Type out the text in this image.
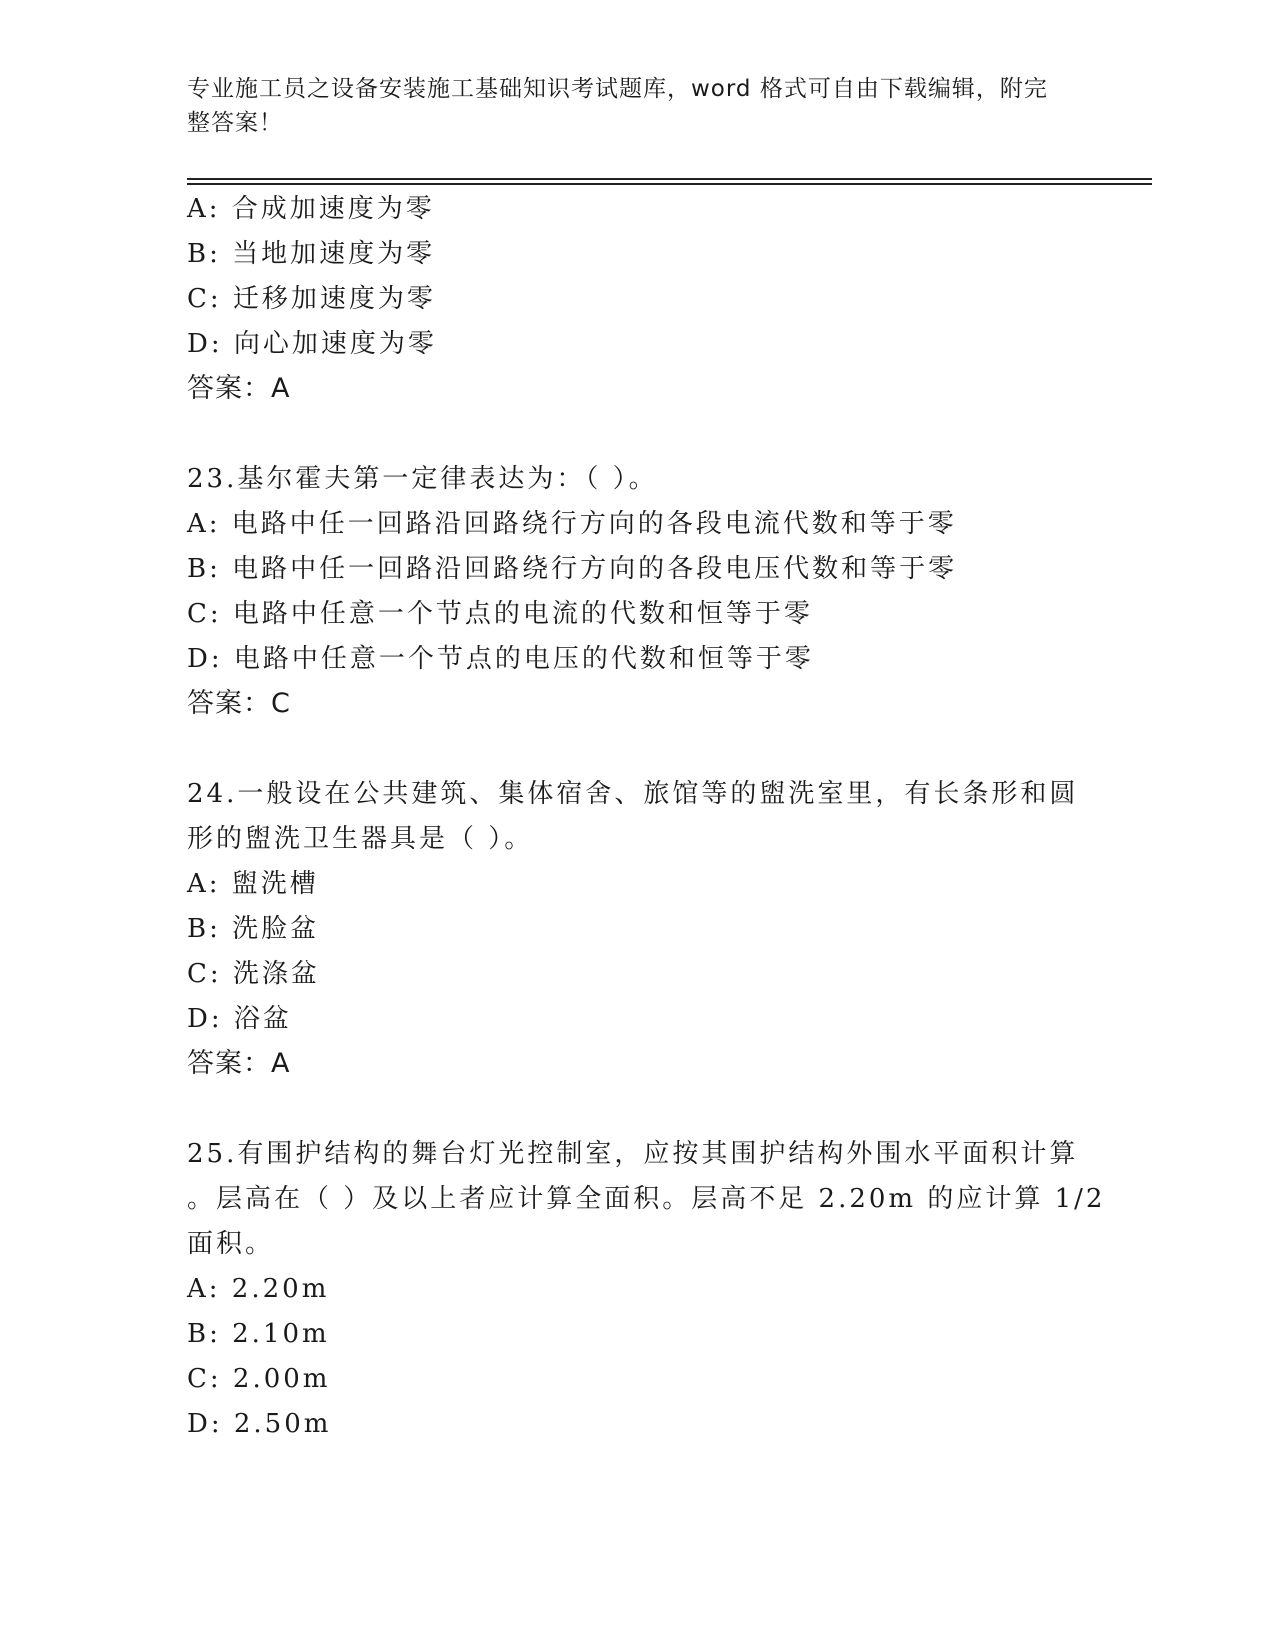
专业施工员之设备安装施工基础知识考试题库，word 格式可自由下载编辑，附完
整答案！
A: 合成加速度为零
B: 当地加速度为零
C: 迁移加速度为零
D: 向心加速度为零
答案：A
23.基尔霍夫第一定律表达为：（ ）。
A: 电路中任一回路沿回路绕行方向的各段电流代数和等于零
B: 电路中任一回路沿回路绕行方向的各段电压代数和等于零
C: 电路中任意一个节点的电流的代数和恒等于零
D: 电路中任意一个节点的电压的代数和恒等于零
答案：C
24.一般设在公共建筑、集体宿舍、旅馆等的盥洗室里，有长条形和圆
形的盥洗卫生器具是（ ）。
A: 盥洗槽
B: 洗脸盆
C: 洗涤盆
D: 浴盆
答案：A
25.有围护结构的舞台灯光控制室，应按其围护结构外围水平面积计算
。层高在（ ）及以上者应计算全面积。层高不足 2.20m 的应计算 1/2
面积。
A: 2.20m
B: 2.10m
C: 2.00m
D: 2.50m
